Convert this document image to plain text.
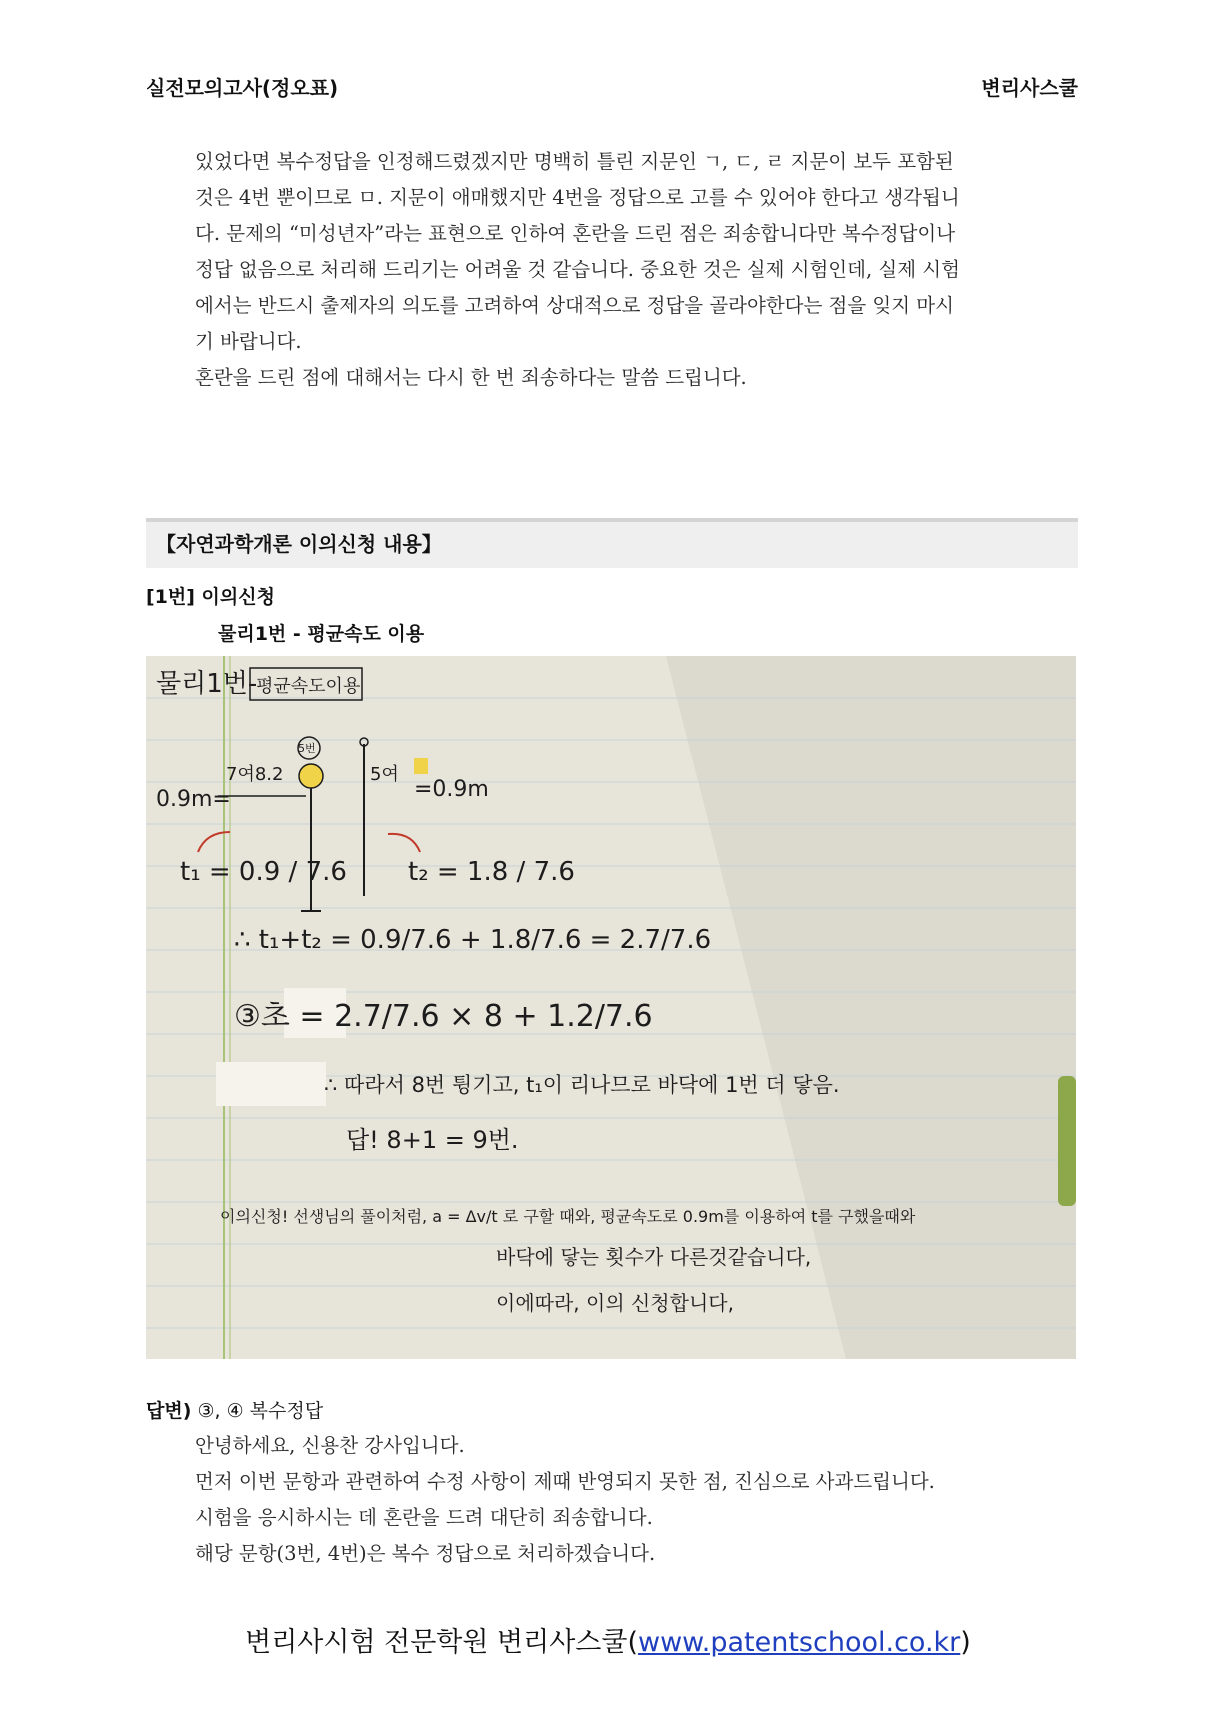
실전모의고사(정오표)	변리사스쿨

있었다면 복수정답을 인정해드렸겠지만 명백히 틀린 지문인 ㄱ, ㄷ, ㄹ 지문이 보두 포함된

것은 4번 뿐이므로 ㅁ. 지문이 애매했지만 4번을 정답으로 고를 수 있어야 한다고 생각됩니

다. 문제의 “미성년자”라는 표현으로 인하여 혼란을 드린 점은 죄송합니다만 복수정답이나

정답 없음으로 처리해 드리기는 어려울 것 같습니다. 중요한 것은 실제 시험인데, 실제 시험

에서는 반드시 출제자의 의도를 고려하여 상대적으로 정답을 골라야한다는 점을 잊지 마시

기 바랍니다.

혼란을 드린 점에 대해서는 다시 한 번 죄송하다는 말씀 드립니다.

【자연과학개론 이의신청 내용】
[1번] 이의신청
물리1번 - 평균속도 이용
물리1번-
평균속도이용
5번
0.9m=
7여8.2	5여
=0.9m
t₁ = 0.9 / 7.6 t₂ = 1.8 / 7.6
∴ t₁+t₂ = 0.9/7.6 + 1.8/7.6 = 2.7/7.6
③초 = 2.7/7.6 × 8 + 1.2/7.6
∴ 따라서 8번 튕기고, t₁이 리나므로 바닥에 1번 더 닿음.
답! 8+1 = 9번.
이의신청! 선생님의 풀이처럼, a = Δv/t 로 구할 때와, 평균속도로 0.9m를 이용하여 t를 구했을때와
바닥에 닿는 횟수가 다른것같습니다,
이에따라, 이의 신청합니다,
답변) ③, ④ 복수정답

안녕하세요, 신용찬 강사입니다.

먼저 이번 문항과 관련하여 수정 사항이 제때 반영되지 못한 점, 진심으로 사과드립니다.

시험을 응시하시는 데 혼란을 드려 대단히 죄송합니다.

해당 문항(3번, 4번)은 복수 정답으로 처리하겠습니다.

변리사시험 전문학원 변리사스쿨(www.patentschool.co.kr)
